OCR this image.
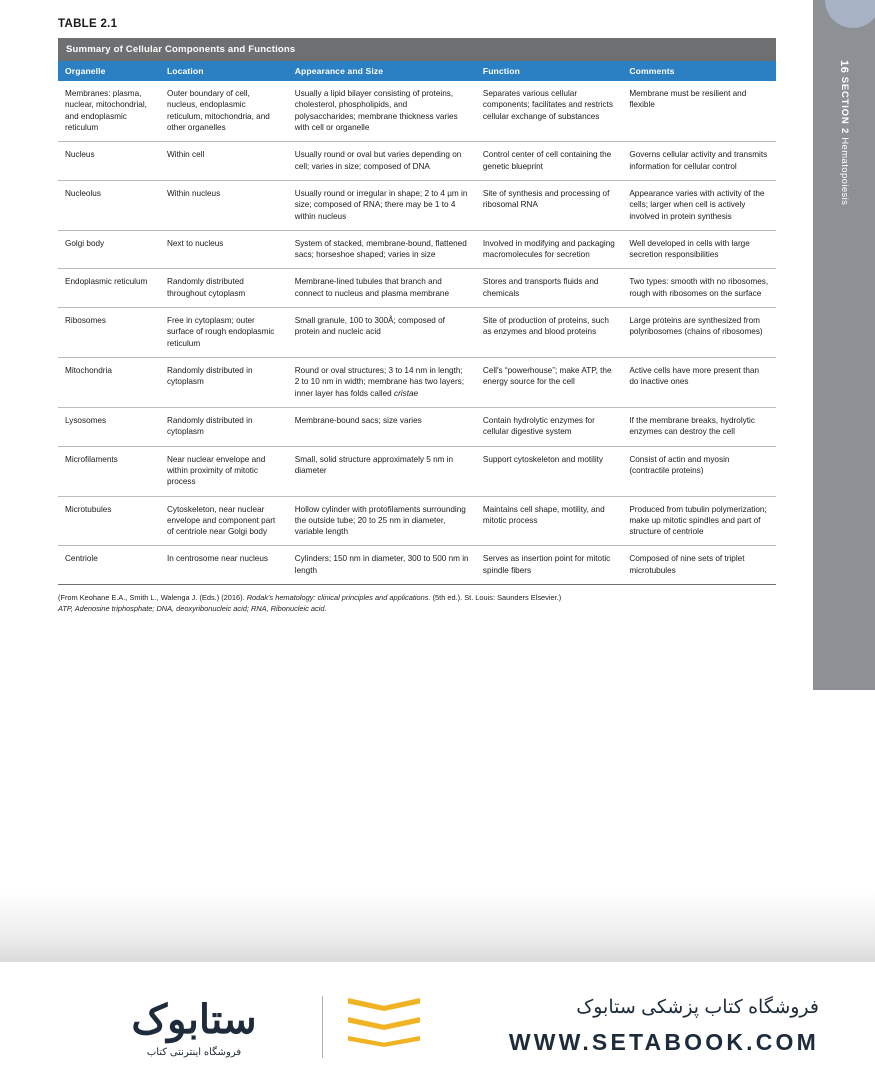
16 SECTION 2 Hematopoiesis
TABLE 2.1
Summary of Cellular Components and Functions
Organelle	Location	Appearance and Size	Function	Comments
Membranes: plasma, nuclear, mitochondrial, and endoplasmic reticulum	Outer boundary of cell, nucleus, endoplasmic reticulum, mitochondria, and other organelles	Usually a lipid bilayer consisting of proteins, cholesterol, phospholipids, and polysaccharides; membrane thickness varies with cell or organelle	Separates various cellular components; facilitates and restricts cellular exchange of substances	Membrane must be resilient and flexible
Nucleus	Within cell	Usually round or oval but varies depending on cell; varies in size; composed of DNA	Control center of cell containing the genetic blueprint	Governs cellular activity and transmits information for cellular control
Nucleolus	Within nucleus	Usually round or irregular in shape; 2 to 4 µm in size; composed of RNA; there may be 1 to 4 within nucleus	Site of synthesis and processing of ribosomal RNA	Appearance varies with activity of the cells; larger when cell is actively involved in protein synthesis
Golgi body	Next to nucleus	System of stacked, membrane-bound, flattened sacs; horseshoe shaped; varies in size	Involved in modifying and packaging macromolecules for secretion	Well developed in cells with large secretion responsibilities
Endoplasmic reticulum	Randomly distributed throughout cytoplasm	Membrane-lined tubules that branch and connect to nucleus and plasma membrane	Stores and transports fluids and chemicals	Two types: smooth with no ribosomes, rough with ribosomes on the surface
Ribosomes	Free in cytoplasm; outer surface of rough endoplasmic reticulum	Small granule, 100 to 300Å; composed of protein and nucleic acid	Site of production of proteins, such as enzymes and blood proteins	Large proteins are synthesized from polyribosomes (chains of ribosomes)
Mitochondria	Randomly distributed in cytoplasm	Round or oval structures; 3 to 14 nm in length; 2 to 10 nm in width; membrane has two layers; inner layer has folds called cristae	Cell's “powerhouse”; make ATP, the energy source for the cell	Active cells have more present than do inactive ones
Lysosomes	Randomly distributed in cytoplasm	Membrane-bound sacs; size varies	Contain hydrolytic enzymes for cellular digestive system	If the membrane breaks, hydrolytic enzymes can destroy the cell
Microfilaments	Near nuclear envelope and within proximity of mitotic process	Small, solid structure approximately 5 nm in diameter	Support cytoskeleton and motility	Consist of actin and myosin (contractile proteins)
Microtubules	Cytoskeleton, near nuclear envelope and component part of centriole near Golgi body	Hollow cylinder with protofilaments surrounding the outside tube; 20 to 25 nm in diameter, variable length	Maintains cell shape, motility, and mitotic process	Produced from tubulin polymerization; make up mitotic spindles and part of structure of centriole
Centriole	In centrosome near nucleus	Cylinders; 150 nm in diameter, 300 to 500 nm in length	Serves as insertion point for mitotic spindle fibers	Composed of nine sets of triplet microtubules
(From Keohane E.A., Smith L., Walenga J. (Eds.) (2016). Rodak's hematology: clinical principles and applications. (5th ed.). St. Louis: Saunders Elsevier.)
ATP, Adenosine triphosphate; DNA, deoxyribonucleic acid; RNA, Ribonucleic acid.
ستابوک
فروشگاه اینترنتی کتاب
فروشگاه کتاب پزشکی ستابوک
WWW.SETABOOK.COM
